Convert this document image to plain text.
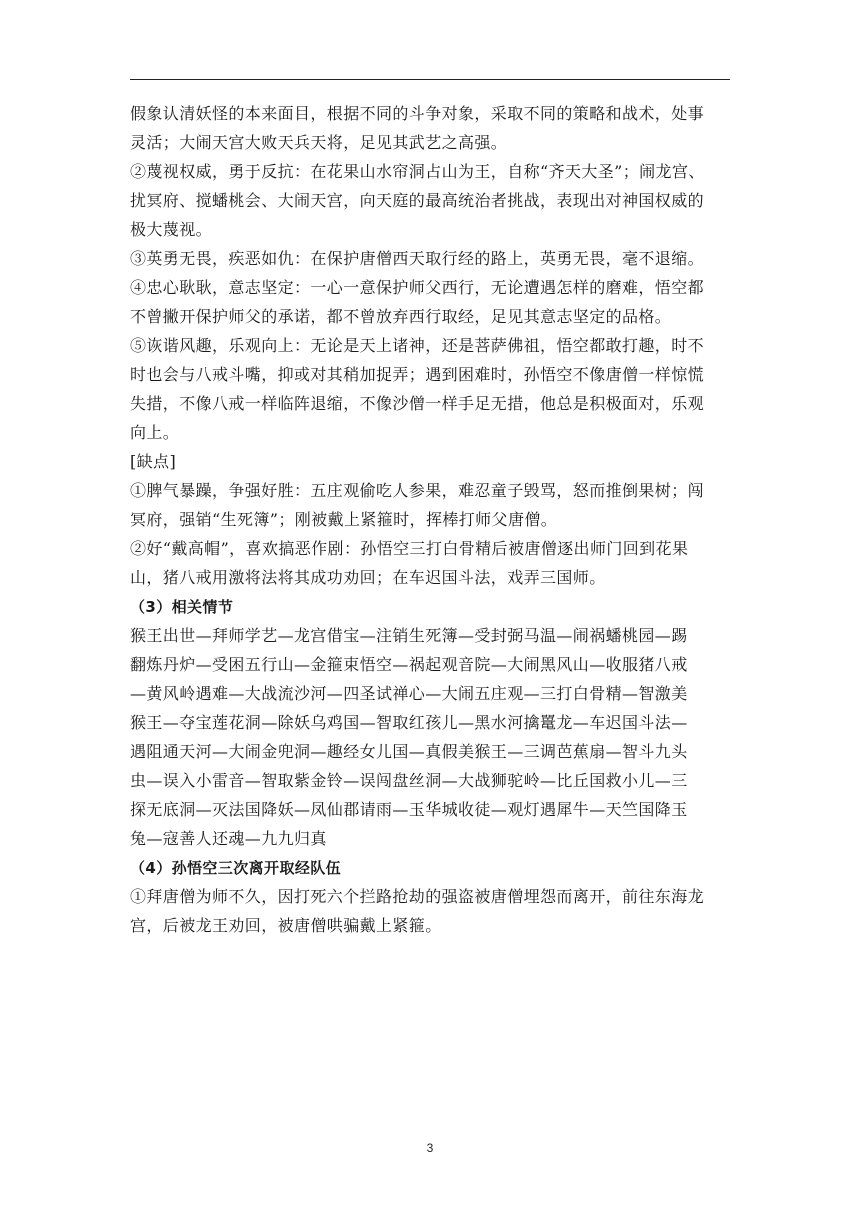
假象认清妖怪的本来面目，根据不同的斗争对象，采取不同的策略和战术，处事
灵活；大闹天宫大败天兵天将，足见其武艺之高强。
②蔑视权威，勇于反抗：在花果山水帘洞占山为王，自称“齐天大圣”；闹龙宫、
扰冥府、搅蟠桃会、大闹天宫，向天庭的最高统治者挑战，表现出对神国权威的
极大蔑视。
③英勇无畏，疾恶如仇：在保护唐僧西天取行经的路上，英勇无畏，毫不退缩。
④忠心耿耿，意志坚定：一心一意保护师父西行，无论遭遇怎样的磨难，悟空都
不曾撇开保护师父的承诺，都不曾放弃西行取经，足见其意志坚定的品格。
⑤诙谐风趣，乐观向上：无论是天上诸神，还是菩萨佛祖，悟空都敢打趣，时不
时也会与八戒斗嘴，抑或对其稍加捉弄；遇到困难时，孙悟空不像唐僧一样惊慌
失措，不像八戒一样临阵退缩，不像沙僧一样手足无措，他总是积极面对，乐观
向上。
[缺点]
①脾气暴躁，争强好胜：五庄观偷吃人参果，难忍童子毁骂，怒而推倒果树；闯
冥府，强销“生死簿”；刚被戴上紧箍时，挥棒打师父唐僧。
②好“戴高帽”，喜欢搞恶作剧：孙悟空三打白骨精后被唐僧逐出师门回到花果
山，猪八戒用激将法将其成功劝回；在车迟国斗法，戏弄三国师。
（3）相关情节
猴王出世—拜师学艺—龙宫借宝—注销生死簿—受封弼马温—闹祸蟠桃园—踢
翻炼丹炉—受困五行山—金箍束悟空—祸起观音院—大闹黑风山—收服猪八戒
—黄风岭遇难—大战流沙河—四圣试禅心—大闹五庄观—三打白骨精—智激美
猴王—夺宝莲花洞—除妖乌鸡国—智取红孩儿—黑水河擒鼍龙—车迟国斗法—
遇阻通天河—大闹金兜洞—趣经女儿国—真假美猴王—三调芭蕉扇—智斗九头
虫—误入小雷音—智取紫金铃—误闯盘丝洞—大战狮驼岭—比丘国救小儿—三
探无底洞—灭法国降妖—凤仙郡请雨—玉华城收徒—观灯遇犀牛—天竺国降玉
兔—寇善人还魂—九九归真
（4）孙悟空三次离开取经队伍
①拜唐僧为师不久，因打死六个拦路抢劫的强盗被唐僧埋怨而离开，前往东海龙
宫，后被龙王劝回，被唐僧哄骗戴上紧箍。
3
